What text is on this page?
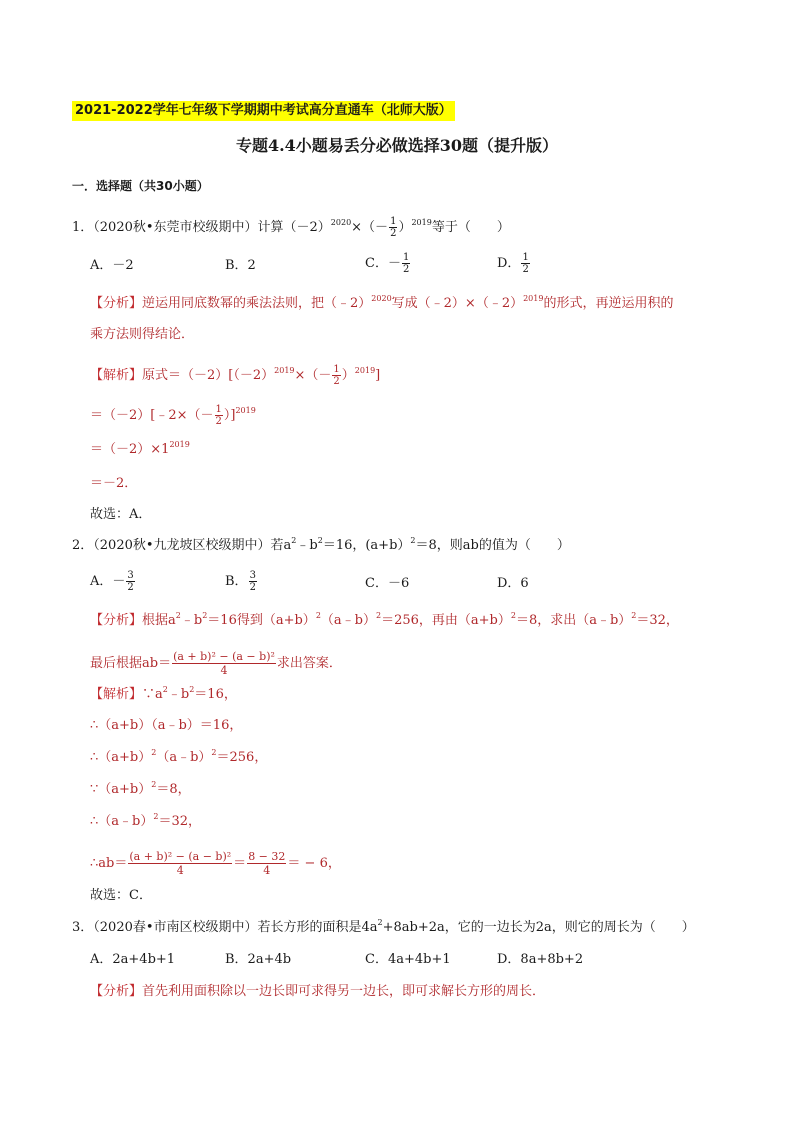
2021-2022学年七年级下学期期中考试高分直通车（北师大版）
专题4.4小题易丢分必做选择30题（提升版）
一．选择题（共30小题）
1．（2020秋•东莞市校级期中）计算$(-2)^{2020}\times(- \frac{1}{2} )^{2019}$等于（　　）
A．－2	B．2	C．－ $\frac{1}{2}$	D． $\frac{1}{2}$
【分析】逆运用同底数幂的乘法法则，把（﹣2）$^{2020}$写成（﹣2）×（﹣2）$^{2019}$的形式，再逆运用积的
乘方法则得结论．
【解析】原式$=(-2)[(-2)^{2019}\times(- \frac{1}{2} )^{2019}]$
＝（－2）[﹣2×（－ $\frac{1}{2} )]^{2019}$
$=(-2)\times 1^{2019}$
＝－2．
故选：A．
2．（2020秋•九龙坡区校级期中）若$a^2﹣b^2=16$，(a+b）$^2$＝8，则ab的值为（　　）
A．－ $\frac{3}{2}$	B． $\frac{3}{2}$	C．－6	D．6
【分析】根据$a^2﹣b^2=16$得到$(a+b)^2(a﹣b)^2=256$，再由$(a+b)^2=8$，求出（a﹣b）$^2$＝32，
最后根据$ab= \frac{\text{(a + b)² − (a − b)²}}{4}$ 求出答案．
【解析】$\because a^2﹣b^2=16$，
∴（a+b）（a﹣b）＝16，
$\therefore(a+b)^2(a﹣b)^2=256$，
$\because(a+b)^2=8$，
∴（a﹣b）$^2$＝32，
∴ab＝ $\frac{\text{(a + b)² − (a − b)²}}{4} = \frac{8 - 32}{4}$ ＝ − 6，
故选：C．
3．（2020春•市南区校级期中）若长方形的面积是$4a^2+8ab+2a$，它的一边长为2a，则它的周长为（　　）
A．2a+4b+1	B．2a+4b	C．4a+4b+1	D．8a+8b+2
【分析】首先利用面积除以一边长即可求得另一边长，即可求解长方形的周长．
